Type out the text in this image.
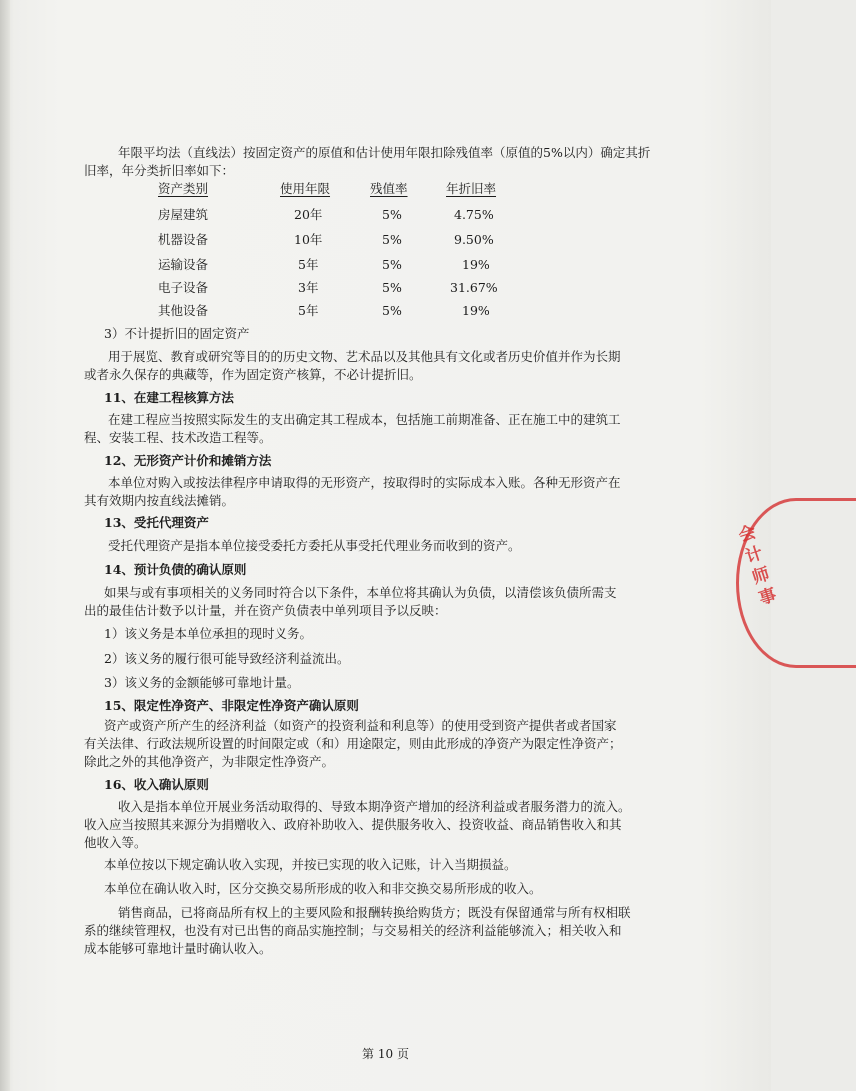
年限平均法（直线法）按固定资产的原值和估计使用年限扣除残值率（原值的5%以内）确定其折
旧率，年分类折旧率如下：
资产类别	使用年限	残值率	年折旧率
房屋建筑	20年	5%	4.75%
机器设备	10年	5%	9.50%
运输设备	5年	5%	19%
电子设备	3年	5%	31.67%
其他设备	5年	5%	19%
3）不计提折旧的固定资产
用于展览、教育或研究等目的的历史文物、艺术品以及其他具有文化或者历史价值并作为长期
或者永久保存的典藏等，作为固定资产核算，不必计提折旧。
11、在建工程核算方法
在建工程应当按照实际发生的支出确定其工程成本，包括施工前期准备、正在施工中的建筑工
程、安装工程、技术改造工程等。
12、无形资产计价和摊销方法
本单位对购入或按法律程序申请取得的无形资产，按取得时的实际成本入账。各种无形资产在
其有效期内按直线法摊销。
13、受托代理资产
受托代理资产是指本单位接受委托方委托从事受托代理业务而收到的资产。
14、预计负债的确认原则
如果与或有事项相关的义务同时符合以下条件，本单位将其确认为负债，以清偿该负债所需支
出的最佳估计数予以计量，并在资产负债表中单列项目予以反映：
1）该义务是本单位承担的现时义务。
2）该义务的履行很可能导致经济利益流出。
3）该义务的金额能够可靠地计量。
15、限定性净资产、非限定性净资产确认原则
资产或资产所产生的经济利益（如资产的投资利益和利息等）的使用受到资产提供者或者国家
有关法律、行政法规所设置的时间限定或（和）用途限定，则由此形成的净资产为限定性净资产；
除此之外的其他净资产，为非限定性净资产。
16、收入确认原则
收入是指本单位开展业务活动取得的、导致本期净资产增加的经济利益或者服务潜力的流入。
收入应当按照其来源分为捐赠收入、政府补助收入、提供服务收入、投资收益、商品销售收入和其
他收入等。
本单位按以下规定确认收入实现，并按已实现的收入记账，计入当期损益。
本单位在确认收入时，区分交换交易所形成的收入和非交换交易所形成的收入。
销售商品，已将商品所有权上的主要风险和报酬转换给购货方；既没有保留通常与所有权相联
系的继续管理权，也没有对已出售的商品实施控制；与交易相关的经济利益能够流入；相关收入和
成本能够可靠地计量时确认收入。
第 10 页
会计师事
